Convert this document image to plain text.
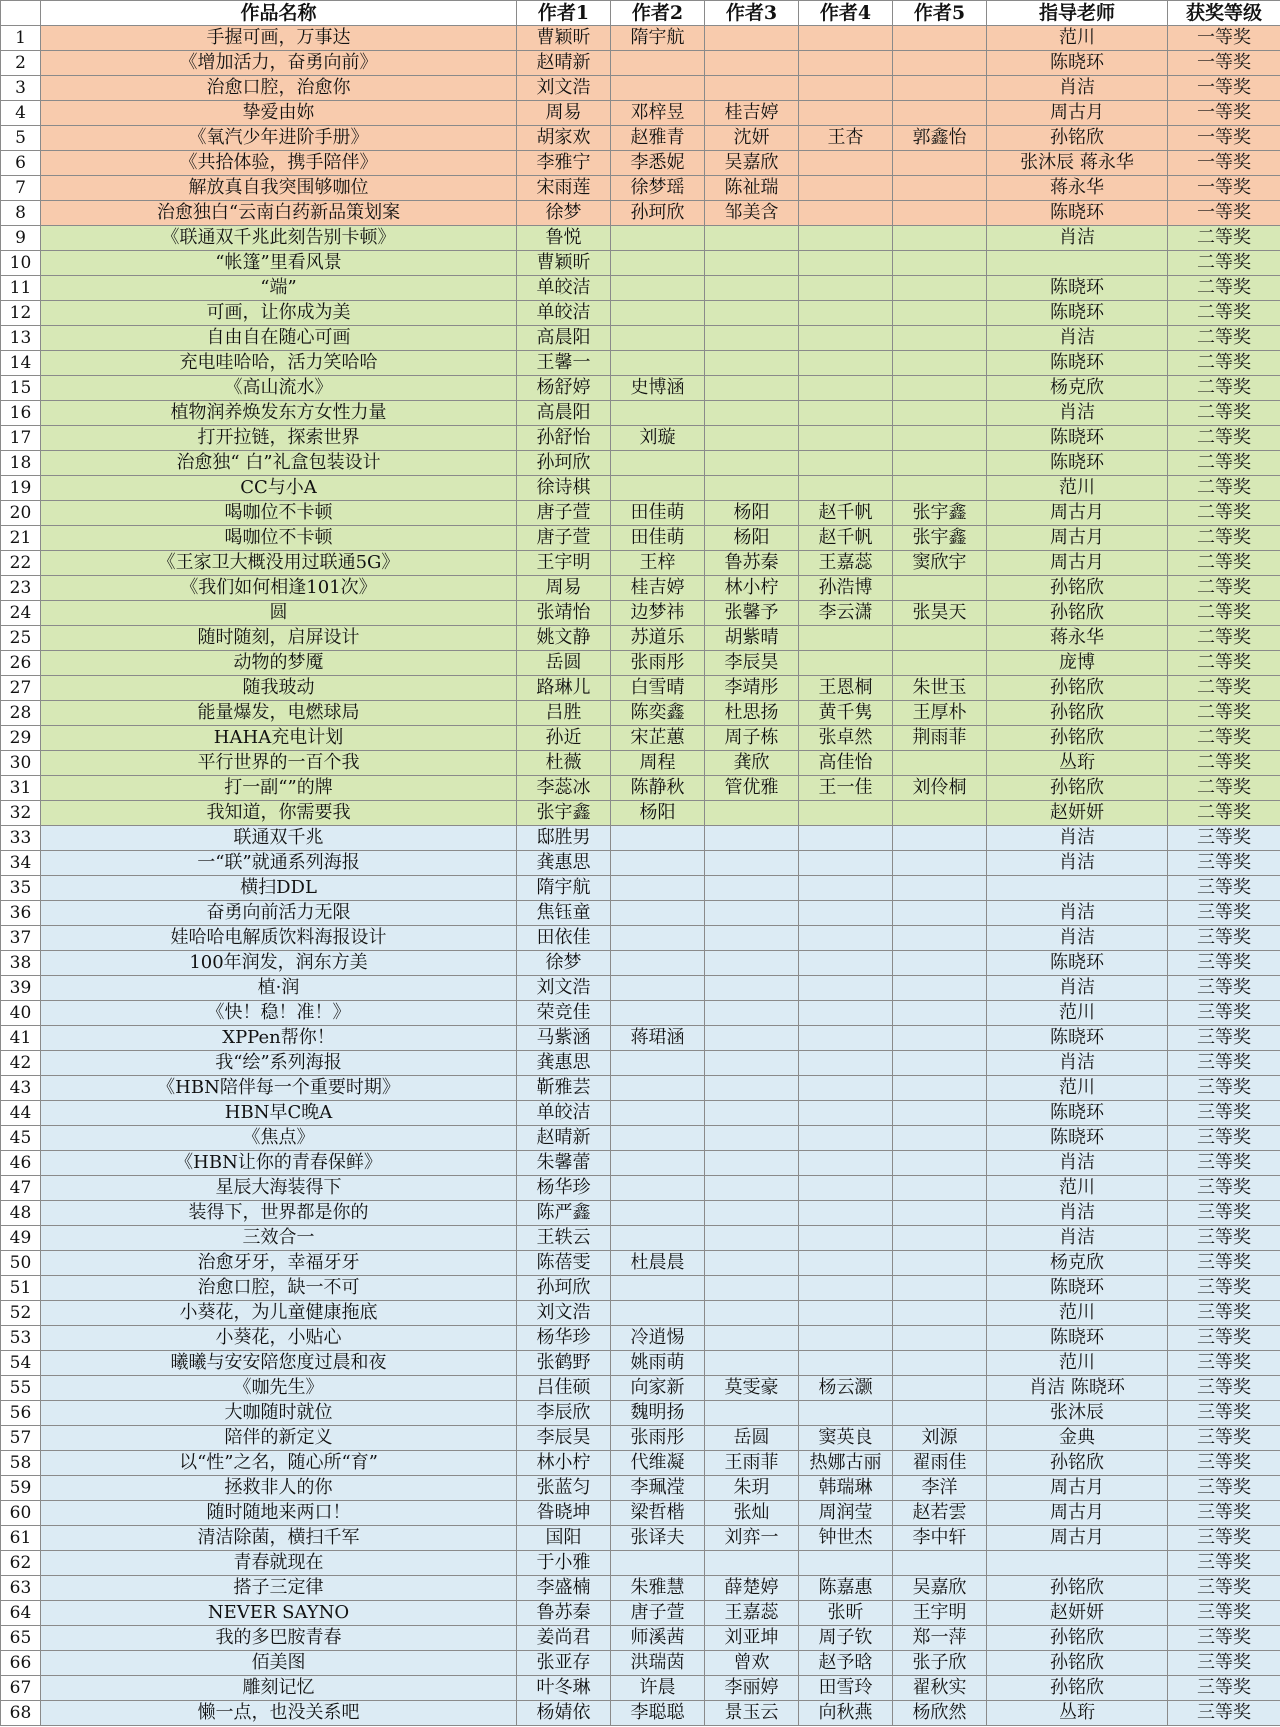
	作品名称	作者1	作者2	作者3	作者4	作者5	指导老师	获奖等级
1	手握可画，万事达	曹颖昕	隋宇航				范川	一等奖
2	《增加活力，奋勇向前》	赵晴新					陈晓环	一等奖
3	治愈口腔，治愈你	刘文浩					肖洁	一等奖
4	挚爱由妳	周易	邓梓昱	桂吉婷			周古月	一等奖
5	《氧汽少年进阶手册》	胡家欢	赵雅青	沈妍	王杏	郭鑫怡	孙铭欣	一等奖
6	《共拾体验，携手陪伴》	李雅宁	李悉妮	吴嘉欣			张沐辰 蒋永华	一等奖
7	解放真自我突围够咖位	宋雨莲	徐梦瑶	陈祉瑞			蒋永华	一等奖
8	治愈独白“云南白药新品策划案	徐梦	孙珂欣	邹美含			陈晓环	一等奖
9	《联通双千兆此刻告别卡顿》	鲁悦					肖洁	二等奖
10	“帐篷”里看风景	曹颖昕						二等奖
11	“端”	单皎洁					陈晓环	二等奖
12	可画，让你成为美	单皎洁					陈晓环	二等奖
13	自由自在随心可画	高晨阳					肖洁	二等奖
14	充电哇哈哈，活力笑哈哈	王馨一					陈晓环	二等奖
15	《高山流水》	杨舒婷	史博涵				杨克欣	二等奖
16	植物润养焕发东方女性力量	高晨阳					肖洁	二等奖
17	打开拉链，探索世界	孙舒怡	刘璇				陈晓环	二等奖
18	治愈独“ 白”礼盒包装设计	孙珂欣					陈晓环	二等奖
19	CC与小A	徐诗棋					范川	二等奖
20	喝咖位不卡顿	唐子萱	田佳萌	杨阳	赵千帆	张宇鑫	周古月	二等奖
21	喝咖位不卡顿	唐子萱	田佳萌	杨阳	赵千帆	张宇鑫	周古月	二等奖
22	《王家卫大概没用过联通5G》	王宇明	王梓	鲁苏秦	王嘉蕊	窦欣宇	周古月	二等奖
23	《我们如何相逢101次》	周易	桂吉婷	林小柠	孙浩博		孙铭欣	二等奖
24	圆	张靖怡	边梦祎	张馨予	李云潇	张昊天	孙铭欣	二等奖
25	随时随刻，启屏设计	姚文静	苏道乐	胡紫晴			蒋永华	二等奖
26	动物的梦魇	岳圆	张雨彤	李辰昊			庞博	二等奖
27	随我玻动	路琳儿	白雪晴	李靖彤	王恩桐	朱世玉	孙铭欣	二等奖
28	能量爆发，电燃球局	吕胜	陈奕鑫	杜思扬	黄千隽	王厚朴	孙铭欣	二等奖
29	HAHA充电计划	孙近	宋芷蕙	周子栋	张卓然	荆雨菲	孙铭欣	二等奖
30	平行世界的一百个我	杜薇	周程	龚欣	高佳怡		丛珩	二等奖
31	打一副“”的牌	李蕊冰	陈静秋	管优雅	王一佳	刘伶桐	孙铭欣	二等奖
32	我知道，你需要我	张宇鑫	杨阳				赵妍妍	二等奖
33	联通双千兆	邸胜男					肖洁	三等奖
34	一“联”就通系列海报	龚惠思					肖洁	三等奖
35	横扫DDL	隋宇航						三等奖
36	奋勇向前活力无限	焦钰童					肖洁	三等奖
37	娃哈哈电解质饮料海报设计	田依佳					肖洁	三等奖
38	100年润发，润东方美	徐梦					陈晓环	三等奖
39	植·润	刘文浩					肖洁	三等奖
40	《快！稳！准！》	荣竞佳					范川	三等奖
41	XPPen帮你！	马紫涵	蒋珺涵				陈晓环	三等奖
42	我“绘”系列海报	龚惠思					肖洁	三等奖
43	《HBN陪伴每一个重要时期》	靳雅芸					范川	三等奖
44	HBN早C晚A	单皎洁					陈晓环	三等奖
45	《焦点》	赵晴新					陈晓环	三等奖
46	《HBN让你的青春保鲜》	朱馨蕾					肖洁	三等奖
47	星辰大海装得下	杨华珍					范川	三等奖
48	装得下，世界都是你的	陈严鑫					肖洁	三等奖
49	三效合一	王轶云					肖洁	三等奖
50	治愈牙牙，幸福牙牙	陈蓓雯	杜晨晨				杨克欣	三等奖
51	治愈口腔，缺一不可	孙珂欣					陈晓环	三等奖
52	小葵花，为儿童健康拖底	刘文浩					范川	三等奖
53	小葵花，小贴心	杨华珍	冷逍惕				陈晓环	三等奖
54	曦曦与安安陪您度过晨和夜	张鹤野	姚雨萌				范川	三等奖
55	《咖先生》	吕佳硕	向家新	莫雯豪	杨云灏		肖洁 陈晓环	三等奖
56	大咖随时就位	李辰欣	魏明扬				张沐辰	三等奖
57	陪伴的新定义	李辰昊	张雨彤	岳圆	窦英良	刘源	金典	三等奖
58	以“性”之名，随心所“育”	林小柠	代维凝	王雨菲	热娜古丽	翟雨佳	孙铭欣	三等奖
59	拯救非人的你	张蓝匀	李珮滢	朱玥	韩瑞琳	李洋	周古月	三等奖
60	随时随地来两口！	昝晓坤	梁哲楷	张灿	周润莹	赵若雲	周古月	三等奖
61	清洁除菌，横扫千军	国阳	张译夫	刘弈一	钟世杰	李中轩	周古月	三等奖
62	青春就现在	于小雅						三等奖
63	搭子三定律	李盛楠	朱雅慧	薛楚婷	陈嘉惠	吴嘉欣	孙铭欣	三等奖
64	NEVER SAYNO	鲁苏秦	唐子萱	王嘉蕊	张昕	王宇明	赵妍妍	三等奖
65	我的多巴胺青春	姜尚君	师溪茜	刘亚坤	周子钦	郑一萍	孙铭欣	三等奖
66	佰美图	张亚存	洪瑞茵	曾欢	赵予晗	张子欣	孙铭欣	三等奖
67	雕刻记忆	叶冬琳	许晨	李丽婷	田雪玲	翟秋实	孙铭欣	三等奖
68	懒一点，也没关系吧	杨婧依	李聪聪	景玉云	向秋燕	杨欣然	丛珩	三等奖
